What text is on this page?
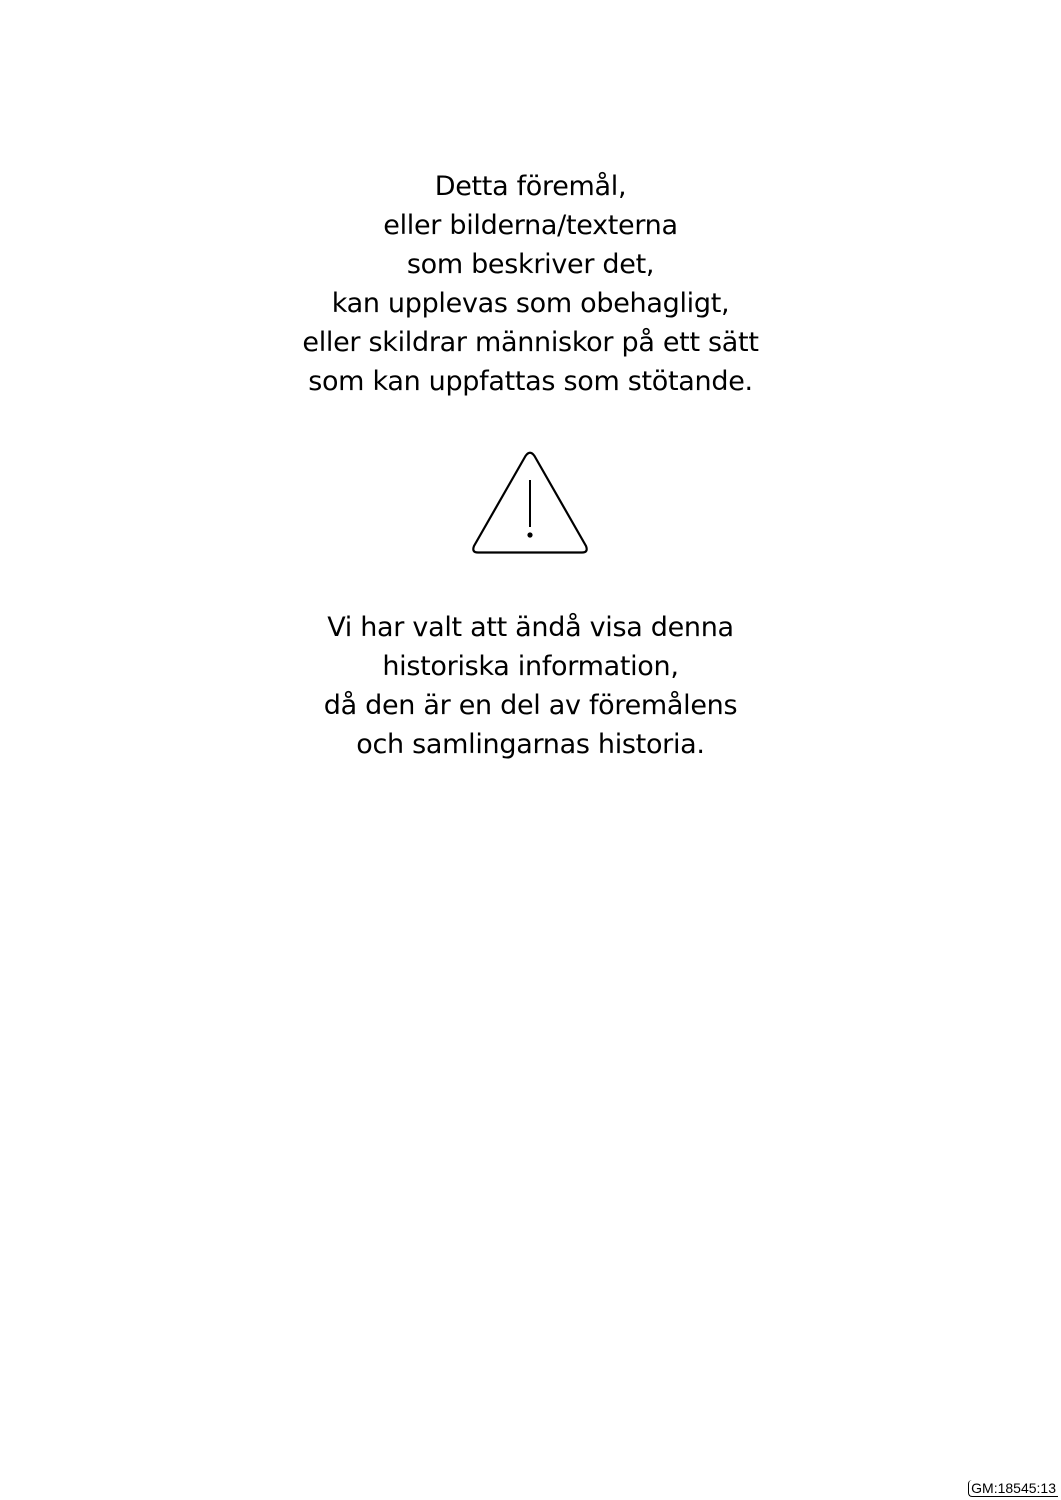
Detta föremål,
eller bilderna/texterna
som beskriver det,
kan upplevas som obehagligt,
eller skildrar människor på ett sätt
som kan uppfattas som stötande.
Vi har valt att ändå visa denna
historiska information,
då den är en del av föremålens
och samlingarnas historia.
GM:18545:13
